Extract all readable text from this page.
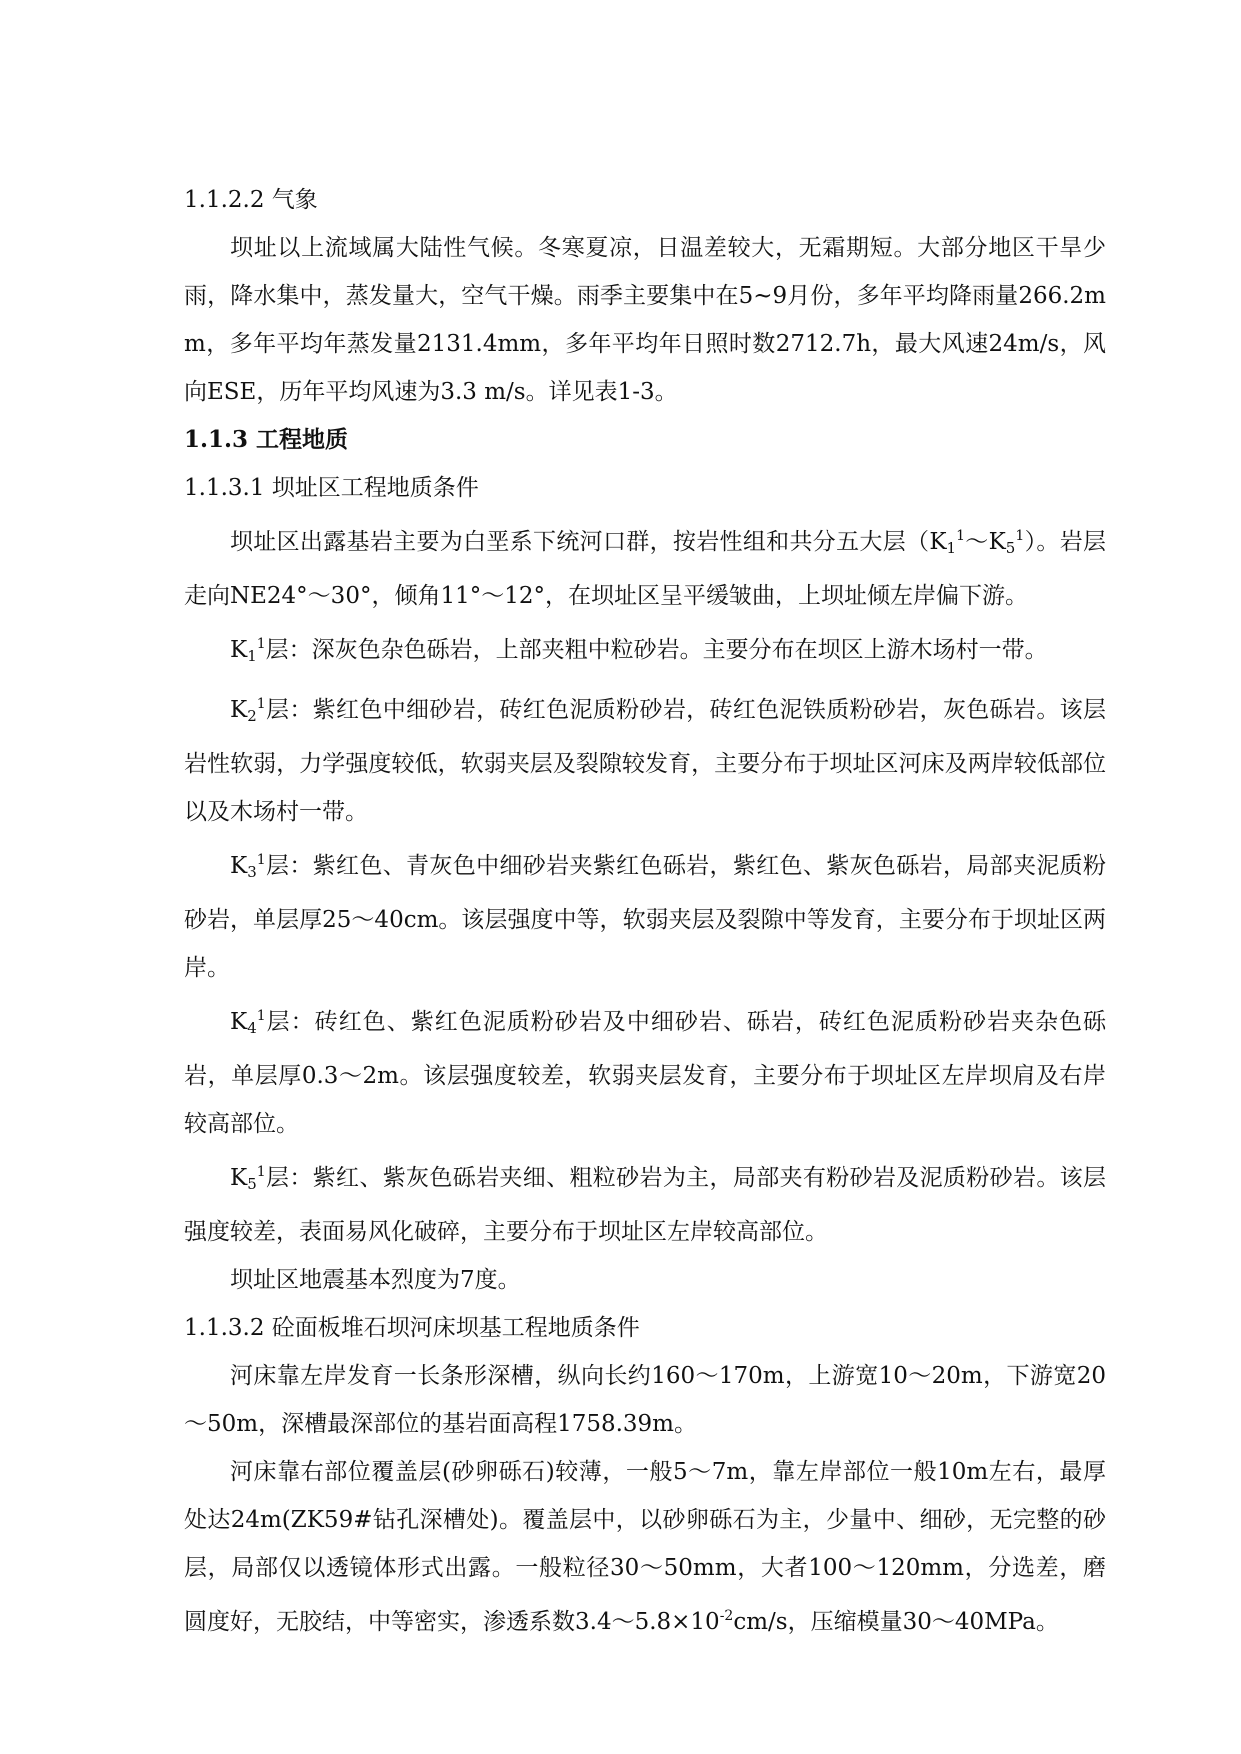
1.1.2.2 气象

坝址以上流域属大陆性气候。冬寒夏凉，日温差较大，无霜期短。大部分地区干旱少雨，降水集中，蒸发量大，空气干燥。雨季主要集中在5~9月份，多年平均降雨量266.2mm，多年平均年蒸发量2131.4mm，多年平均年日照时数2712.7h，最大风速24m/s，风向ESE，历年平均风速为3.3 m/s。详见表1-3。

1.1.3 工程地质

1.1.3.1 坝址区工程地质条件

坝址区出露基岩主要为白垩系下统河口群，按岩性组和共分五大层$(K_1^1\sim K_5^1)$。岩层走向NE24°～30°，倾角11°～12°，在坝址区呈平缓皱曲，上坝址倾左岸偏下游。

$K_1^1$层：深灰色杂色砾岩，上部夹粗中粒砂岩。主要分布在坝区上游木场村一带。

$K_2^1$层：紫红色中细砂岩，砖红色泥质粉砂岩，砖红色泥铁质粉砂岩，灰色砾岩。该层岩性软弱，力学强度较低，软弱夹层及裂隙较发育，主要分布于坝址区河床及两岸较低部位以及木场村一带。

$K_3^1$层：紫红色、青灰色中细砂岩夹紫红色砾岩，紫红色、紫灰色砾岩，局部夹泥质粉砂岩，单层厚25～40cm。该层强度中等，软弱夹层及裂隙中等发育，主要分布于坝址区两岸。

$K_4^1$层：砖红色、紫红色泥质粉砂岩及中细砂岩、砾岩，砖红色泥质粉砂岩夹杂色砾岩，单层厚0.3～2m。该层强度较差，软弱夹层发育，主要分布于坝址区左岸坝肩及右岸较高部位。

$K_5^1$层：紫红、紫灰色砾岩夹细、粗粒砂岩为主，局部夹有粉砂岩及泥质粉砂岩。该层强度较差，表面易风化破碎，主要分布于坝址区左岸较高部位。

坝址区地震基本烈度为7度。

1.1.3.2 砼面板堆石坝河床坝基工程地质条件

河床靠左岸发育一长条形深槽，纵向长约160～170m，上游宽10～20m，下游宽20～50m，深槽最深部位的基岩面高程1758.39m。

河床靠右部位覆盖层(砂卵砾石)较薄，一般5～7m，靠左岸部位一般10m左右，最厚处达24m(ZK59#钻孔深槽处)。覆盖层中，以砂卵砾石为主，少量中、细砂，无完整的砂层，局部仅以透镜体形式出露。一般粒径30～50mm，大者100～120mm，分选差，磨圆度好，无胶结，中等密实，渗透系数$3.4\sim 5.8\times 10^{-2}cm/s$，压缩模量30～40MPa。
